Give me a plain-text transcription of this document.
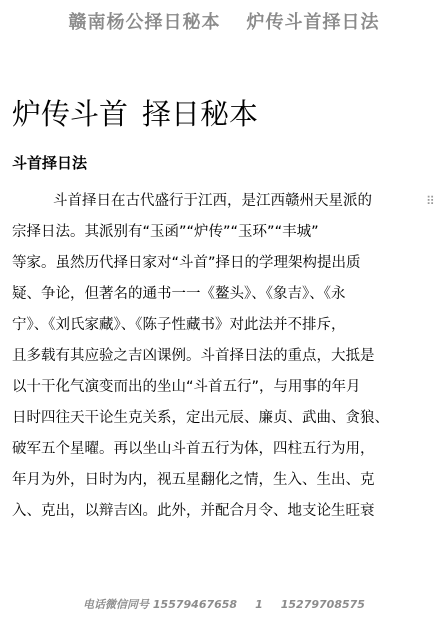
赣南杨公择日秘本 炉传斗首择日法
炉传斗首 择日秘本
斗首择日法
斗首择日在古代盛行于江西，是江西赣州天星派的	⠿
宗择日法。其派别有“玉函”“炉传”“玉环”“丰城”
等家。虽然历代择日家对“斗首”择日的学理架构提出质
疑、争论，但著名的通书一一《鳌头》、《象吉》、《永
宁》、《刘氏家藏》、《陈子性藏书》对此法并不排斥，
且多载有其应验之吉凶课例。斗首择日法的重点，大抵是
以十干化气演变而出的坐山“斗首五行”，与用事的年月
日时四往天干论生克关系，定出元辰、廉贞、武曲、贪狼、
破军五个星曜。再以坐山斗首五行为体，四柱五行为用，
年月为外，日时为内，视五星翻化之情，生入、生出、克
入、克出，以辩吉凶。此外，并配合月令、地支论生旺衰
电话微信同号 15579467658 1 15279708575
